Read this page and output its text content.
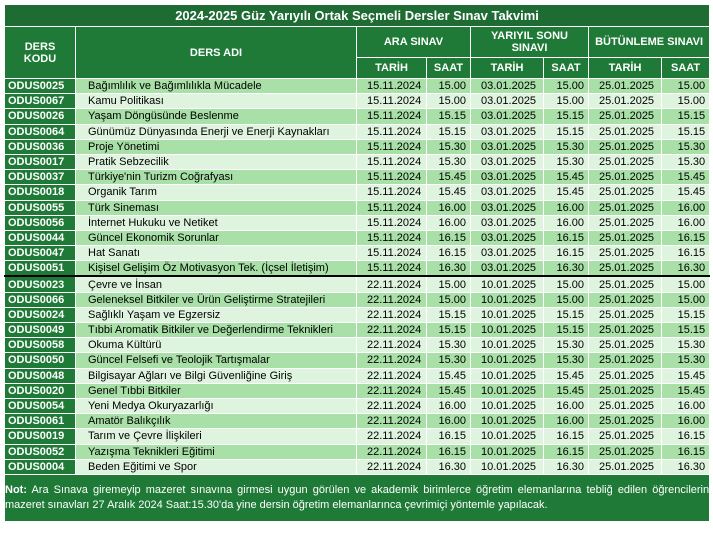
2024-2025 Güz Yarıyılı Ortak Seçmeli Dersler Sınav Takvimi							
DERS KODU	DERS ADI	ARA SINAV		YARIYIL SONU SINAVI		BÜTÜNLEME SINAVI	
		TARİH	SAAT	TARİH	SAAT	TARİH	SAAT
ODUS0025	Bağımlılık ve Bağımlılıkla Mücadele	15.11.2024	15.00	03.01.2025	15.00	25.01.2025	15.00
ODUS0067	Kamu Politikası	15.11.2024	15.00	03.01.2025	15.00	25.01.2025	15.00
ODUS0026	Yaşam Döngüsünde Beslenme	15.11.2024	15.15	03.01.2025	15.15	25.01.2025	15.15
ODUS0064	Günümüz Dünyasında Enerji ve Enerji Kaynakları	15.11.2024	15.15	03.01.2025	15.15	25.01.2025	15.15
ODUS0036	Proje Yönetimi	15.11.2024	15.30	03.01.2025	15.30	25.01.2025	15.30
ODUS0017	Pratik Sebzecilik	15.11.2024	15.30	03.01.2025	15.30	25.01.2025	15.30
ODUS0037	Türkiye'nin Turizm Coğrafyası	15.11.2024	15.45	03.01.2025	15.45	25.01.2025	15.45
ODUS0018	Organik Tarım	15.11.2024	15.45	03.01.2025	15.45	25.01.2025	15.45
ODUS0055	Türk Sineması	15.11.2024	16.00	03.01.2025	16.00	25.01.2025	16.00
ODUS0056	İnternet Hukuku ve Netiket	15.11.2024	16.00	03.01.2025	16.00	25.01.2025	16.00
ODUS0044	Güncel Ekonomik Sorunlar	15.11.2024	16.15	03.01.2025	16.15	25.01.2025	16.15
ODUS0047	Hat Sanatı	15.11.2024	16.15	03.01.2025	16.15	25.01.2025	16.15
ODUS0051	Kişisel Gelişim Öz Motivasyon Tek. (İçsel İletişim)	15.11.2024	16.30	03.01.2025	16.30	25.01.2025	16.30
ODUS0023	Çevre ve İnsan	22.11.2024	15.00	10.01.2025	15.00	25.01.2025	15.00
ODUS0066	Geleneksel Bitkiler ve Ürün Geliştirme Stratejileri	22.11.2024	15.00	10.01.2025	15.00	25.01.2025	15.00
ODUS0024	Sağlıklı Yaşam ve Egzersiz	22.11.2024	15.15	10.01.2025	15.15	25.01.2025	15.15
ODUS0049	Tıbbi Aromatik Bitkiler ve Değerlendirme Teknikleri	22.11.2024	15.15	10.01.2025	15.15	25.01.2025	15.15
ODUS0058	Okuma Kültürü	22.11.2024	15.30	10.01.2025	15.30	25.01.2025	15.30
ODUS0050	Güncel Felsefi ve Teolojik Tartışmalar	22.11.2024	15.30	10.01.2025	15.30	25.01.2025	15.30
ODUS0048	Bilgisayar Ağları ve Bilgi Güvenliğine Giriş	22.11.2024	15.45	10.01.2025	15.45	25.01.2025	15.45
ODUS0020	Genel Tıbbi Bitkiler	22.11.2024	15.45	10.01.2025	15.45	25.01.2025	15.45
ODUS0054	Yeni Medya Okuryazarlığı	22.11.2024	16.00	10.01.2025	16.00	25.01.2025	16.00
ODUS0061	Amatör Balıkçılık	22.11.2024	16.00	10.01.2025	16.00	25.01.2025	16.00
ODUS0019	Tarım ve Çevre İlişkileri	22.11.2024	16.15	10.01.2025	16.15	25.01.2025	16.15
ODUS0052	Yazışma Teknikleri Eğitimi	22.11.2024	16.15	10.01.2025	16.15	25.01.2025	16.15
ODUS0004	Beden Eğitimi ve Spor	22.11.2024	16.30	10.01.2025	16.30	25.01.2025	16.30
Not: Ara Sınava giremeyip mazeret sınavına girmesi uygun görülen ve akademik birimlerce öğretim elemanlarına tebliğ edilen öğrencilerin mazeret sınavları 27 Aralık 2024 Saat:15.30'da yine dersin öğretim elemanlarınca çevrimiçi yöntemle yapılacak.							
